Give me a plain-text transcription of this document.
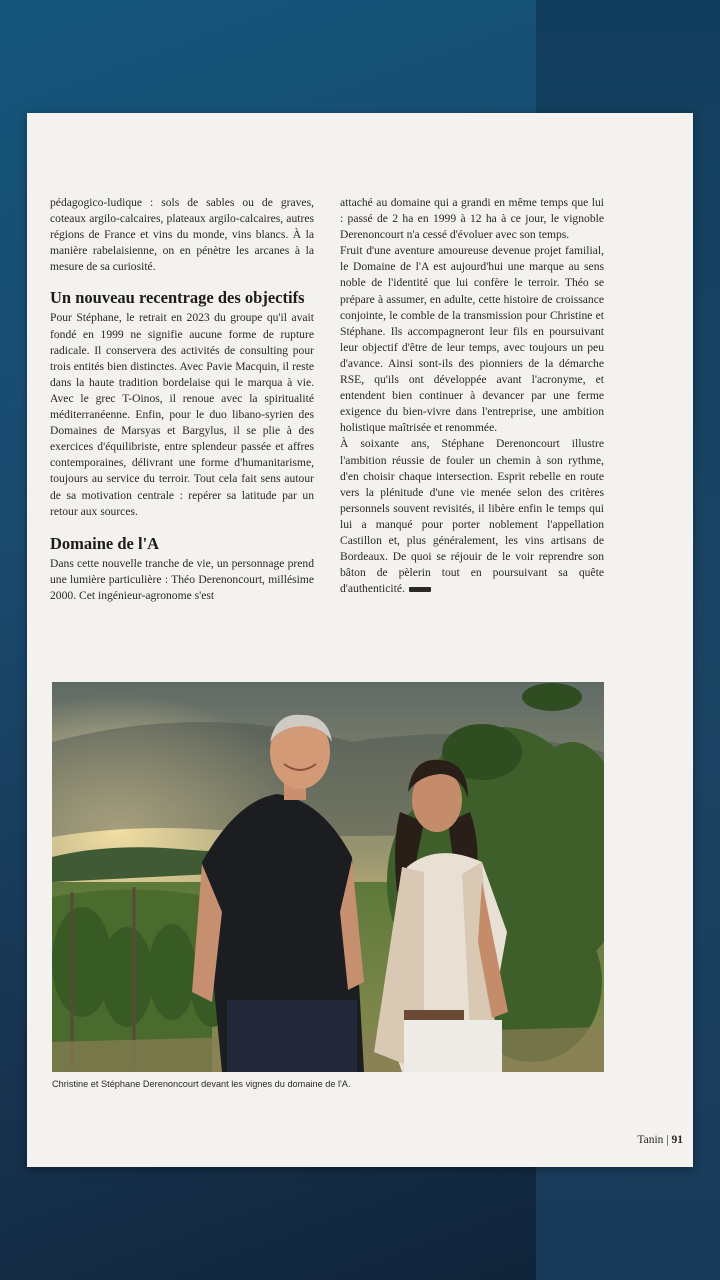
pédagogico-ludique : sols de sables ou de graves, coteaux argilo-calcaires, plateaux argilo-calcaires, autres régions de France et vins du monde, vins blancs. À la manière rabelaisienne, on en pénètre les arcanes à la mesure de sa curiosité.

Un nouveau recentrage des objectifs

Pour Stéphane, le retrait en 2023 du groupe qu'il avait fondé en 1999 ne signifie aucune forme de rupture radicale. Il conservera des activités de consulting pour trois entités bien distinctes. Avec Pavie Macquin, il reste dans la haute tradition bordelaise qui le marqua à vie. Avec le grec T-Oinos, il renoue avec la spiritualité méditerranéenne. Enfin, pour le duo libano-syrien des Domaines de Marsyas et Bargylus, il se plie à des exercices d'équilibriste, entre splendeur passée et affres contemporaines, délivrant une forme d'humanitarisme, toujours au service du terroir. Tout cela fait sens autour de sa motivation centrale : repérer sa latitude par un retour aux sources.

Domaine de l'A

Dans cette nouvelle tranche de vie, un personnage prend une lumière particulière : Théo Derenoncourt, millésime 2000. Cet ingénieur-agronome s'est

attaché au domaine qui a grandi en même temps que lui : passé de 2 ha en 1999 à 12 ha à ce jour, le vignoble Derenoncourt n'a cessé d'évoluer avec son temps.

Fruit d'une aventure amoureuse devenue projet familial, le Domaine de l'A est aujourd'hui une marque au sens noble de l'identité que lui confère le terroir. Théo se prépare à assumer, en adulte, cette histoire de croissance conjointe, le comble de la transmission pour Christine et Stéphane. Ils accompagneront leur fils en poursuivant leur objectif d'être de leur temps, avec toujours un peu d'avance. Ainsi sont-ils des pionniers de la démarche RSE, qu'ils ont développée avant l'acronyme, et entendent bien continuer à devancer par une ferme exigence du bien-vivre dans l'entreprise, une ambition holistique maîtrisée et renommée.

À soixante ans, Stéphane Derenoncourt illustre l'ambition réussie de fouler un chemin à son rythme, d'en choisir chaque intersection. Esprit rebelle en route vers la plénitude d'une vie menée selon des critères personnels souvent revisités, il libère enfin le temps qui lui a manqué pour porter noblement l'appellation Castillon et, plus généralement, les vins artisans de Bordeaux. De quoi se réjouir de le voir reprendre son bâton de pèlerin tout en poursuivant sa quête d'authenticité.

Christine et Stéphane Derenoncourt devant les vignes du domaine de l'A.
Tanin | 91
